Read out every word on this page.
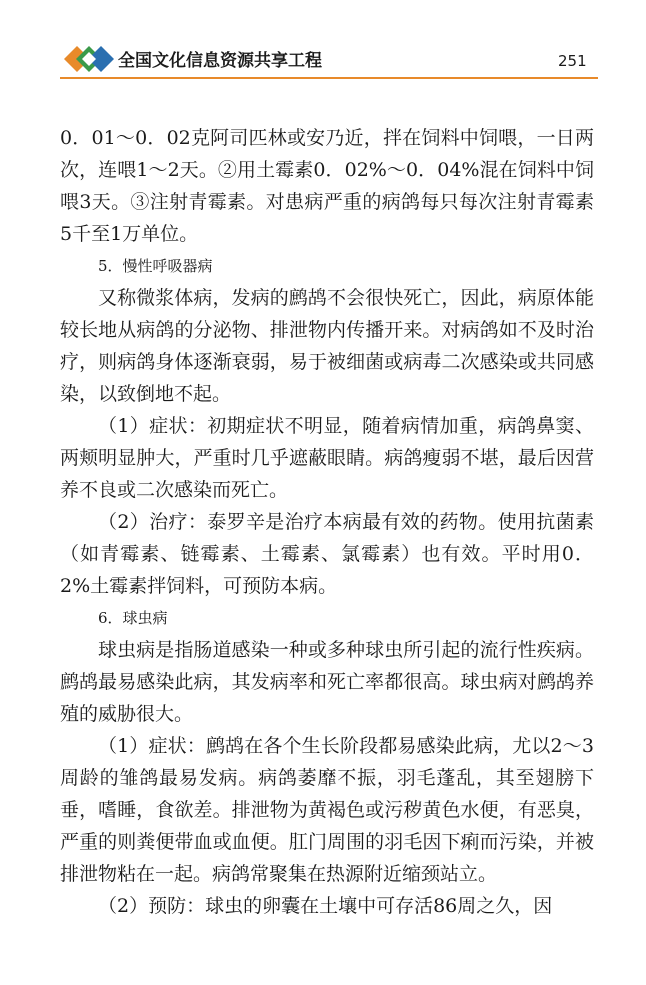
全国文化信息资源共享工程	251

0．01～0．02克阿司匹林或安乃近，拌在饲料中饲喂，一日两次，连喂1～2天。②用土霉素0．02%～0．04%混在饲料中饲喂3天。③注射青霉素。对患病严重的病鸽每只每次注射青霉素5千至1万单位。

5．慢性呼吸器病

又称微浆体病，发病的鹧鸪不会很快死亡，因此，病原体能较长地从病鸽的分泌物、排泄物内传播开来。对病鸽如不及时治疗，则病鸽身体逐渐衰弱，易于被细菌或病毒二次感染或共同感染，以致倒地不起。

（1）症状：初期症状不明显，随着病情加重，病鸽鼻窦、两颊明显肿大，严重时几乎遮蔽眼睛。病鸽瘦弱不堪，最后因营养不良或二次感染而死亡。

（2）治疗：泰罗辛是治疗本病最有效的药物。使用抗菌素（如青霉素、链霉素、土霉素、氯霉素）也有效。平时用0．2%土霉素拌饲料，可预防本病。

6．球虫病

球虫病是指肠道感染一种或多种球虫所引起的流行性疾病。鹧鸪最易感染此病，其发病率和死亡率都很高。球虫病对鹧鸪养殖的威胁很大。

（1）症状：鹧鸪在各个生长阶段都易感染此病，尤以2～3周龄的雏鸽最易发病。病鸽萎靡不振，羽毛蓬乱，其至翅膀下垂，嗜睡，食欲差。排泄物为黄褐色或污秽黄色水便，有恶臭，严重的则粪便带血或血便。肛门周围的羽毛因下痢而污染，并被排泄物粘在一起。病鸽常聚集在热源附近缩颈站立。

（2）预防：球虫的卵囊在土壤中可存活86周之久，因
